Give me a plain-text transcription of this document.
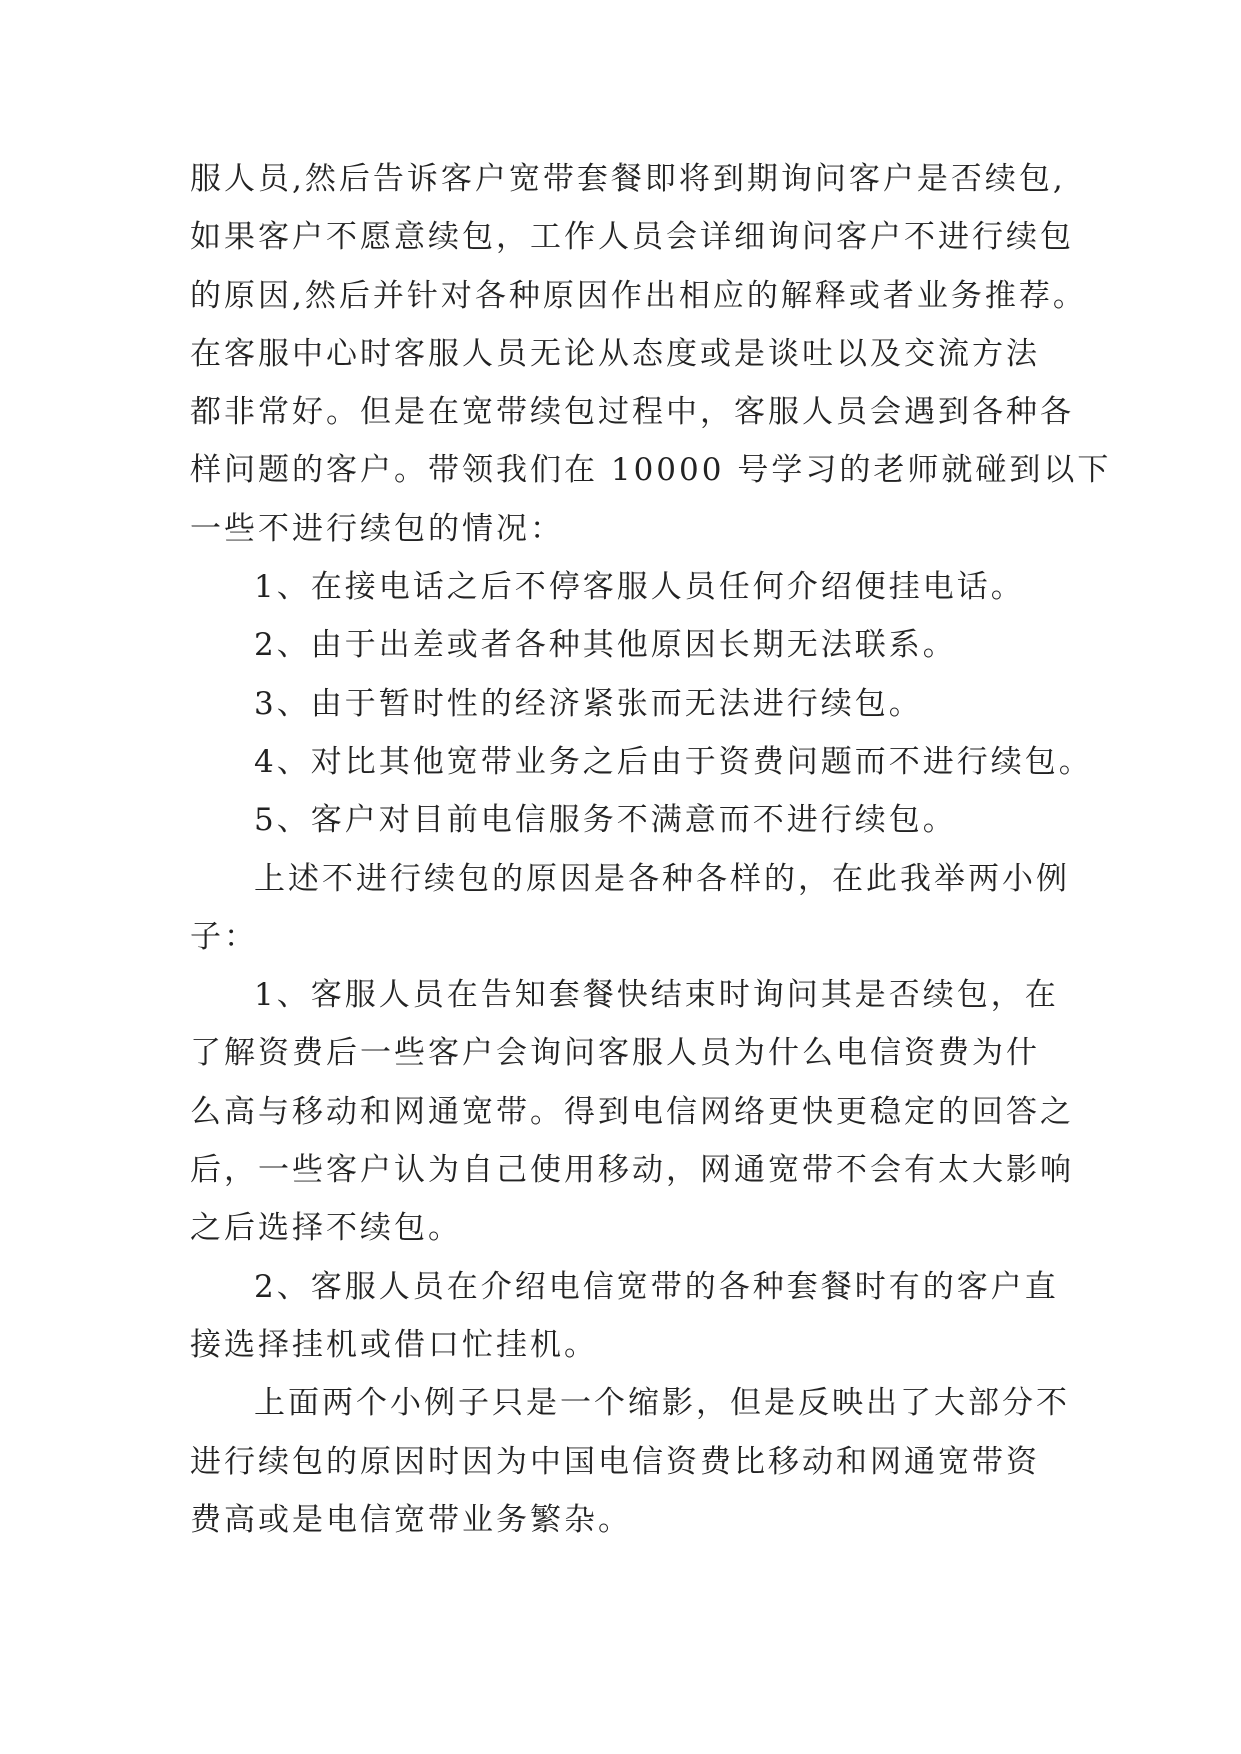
服人员,然后告诉客户宽带套餐即将到期询问客户是否续包,

如果客户不愿意续包，工作人员会详细询问客户不进行续包

的原因,然后并针对各种原因作出相应的解释或者业务推荐。

在客服中心时客服人员无论从态度或是谈吐以及交流方法

都非常好。但是在宽带续包过程中，客服人员会遇到各种各

样问题的客户。带领我们在 10000 号学习的老师就碰到以下

一些不进行续包的情况：

1、在接电话之后不停客服人员任何介绍便挂电话。

2、由于出差或者各种其他原因长期无法联系。

3、由于暂时性的经济紧张而无法进行续包。

4、对比其他宽带业务之后由于资费问题而不进行续包。

5、客户对目前电信服务不满意而不进行续包。

上述不进行续包的原因是各种各样的，在此我举两小例

子：

1、客服人员在告知套餐快结束时询问其是否续包，在

了解资费后一些客户会询问客服人员为什么电信资费为什

么高与移动和网通宽带。得到电信网络更快更稳定的回答之

后，一些客户认为自己使用移动，网通宽带不会有太大影响

之后选择不续包。

2、客服人员在介绍电信宽带的各种套餐时有的客户直

接选择挂机或借口忙挂机。

上面两个小例子只是一个缩影，但是反映出了大部分不

进行续包的原因时因为中国电信资费比移动和网通宽带资

费高或是电信宽带业务繁杂。
